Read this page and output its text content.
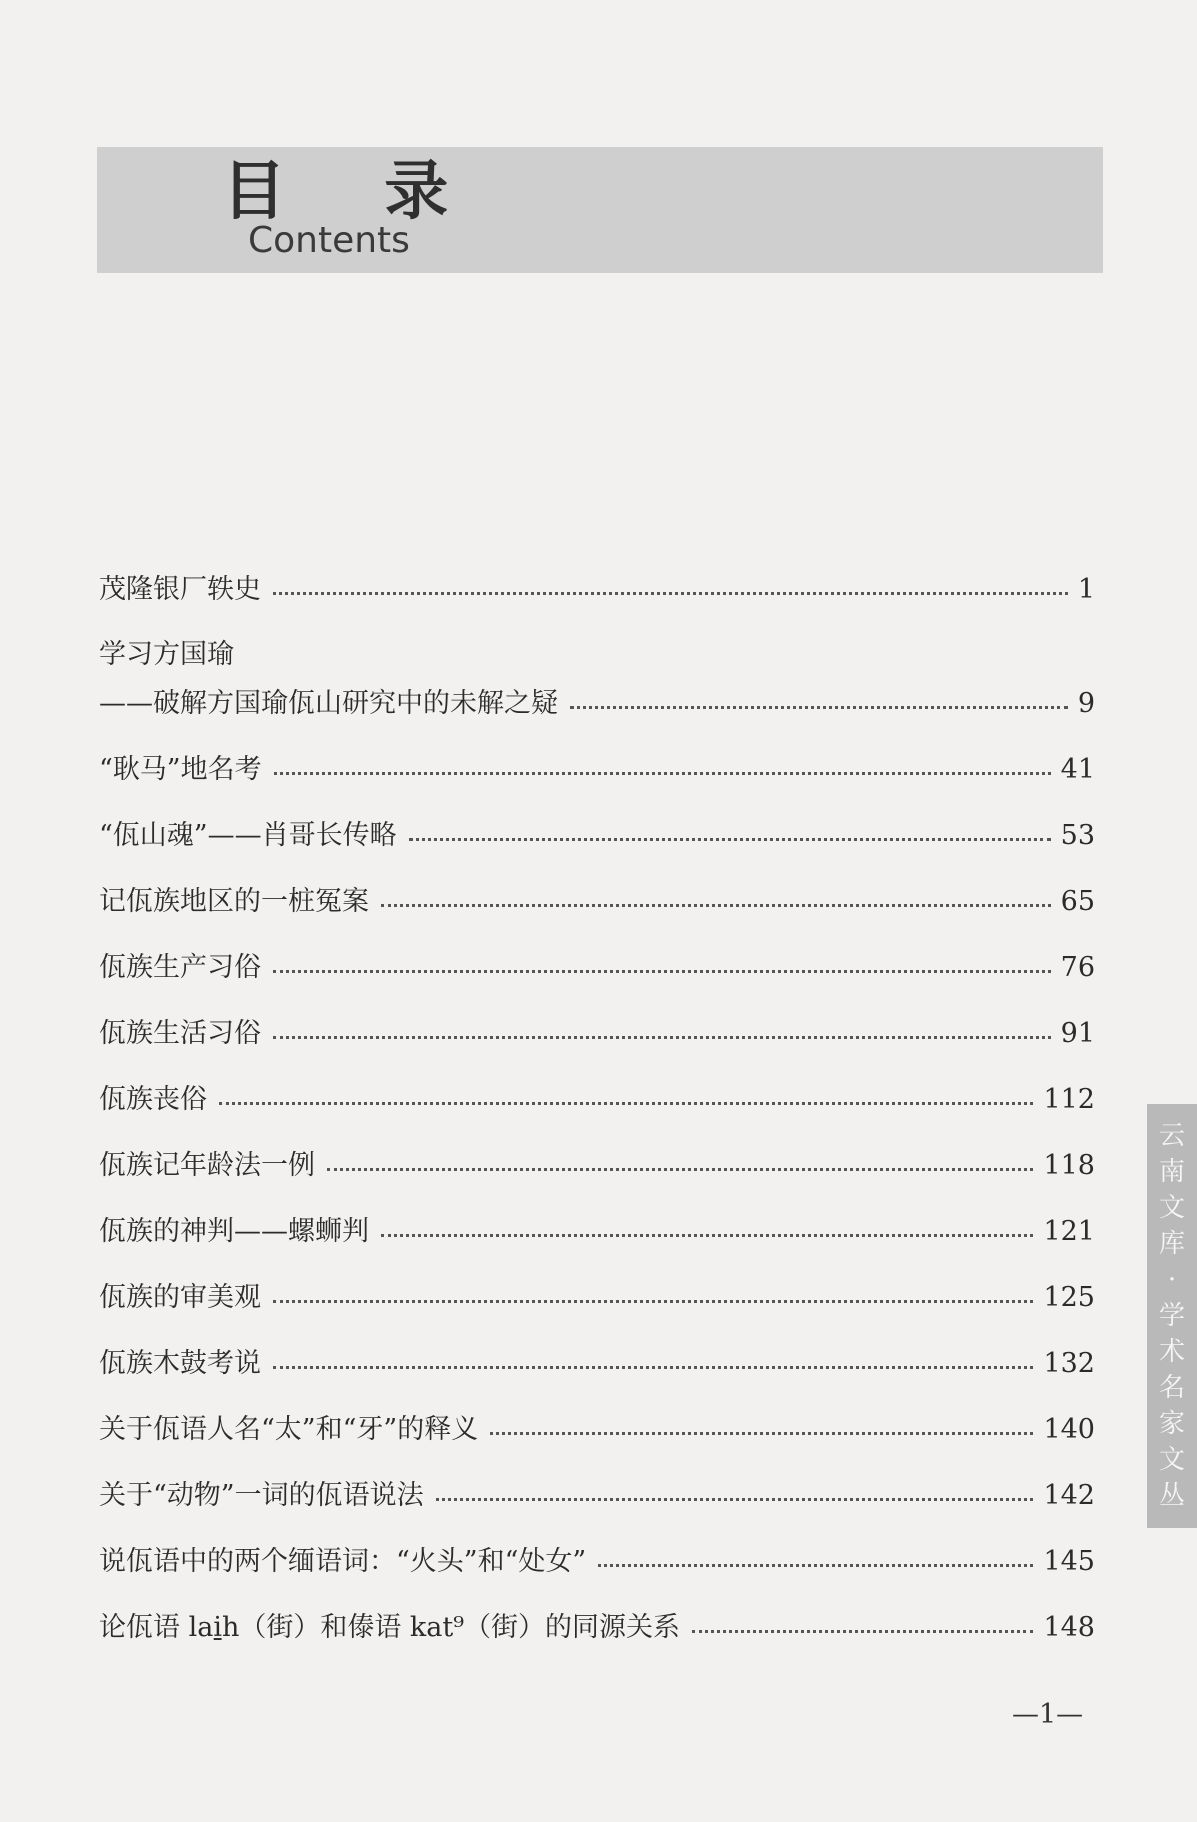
目 录
Contents
茂隆银厂轶史	1
学习方国瑜
——破解方国瑜佤山研究中的未解之疑	9
“耿马”地名考	41
“佤山魂”——肖哥长传略	53
记佤族地区的一桩冤案	65
佤族生产习俗	76
佤族生活习俗	91
佤族丧俗	112
佤族记年龄法一例	118
佤族的神判——螺蛳判	121
佤族的审美观	125
佤族木鼓考说	132
关于佤语人名“太”和“牙”的释义	140
关于“动物”一词的佤语说法	142
说佤语中的两个缅语词：“火头”和“处女”	145
论佤语 lai̱h（街）和傣语 kat⁹（街）的同源关系	148
云
南
文
库
·
学
术
名
家
文
丛
—1—
